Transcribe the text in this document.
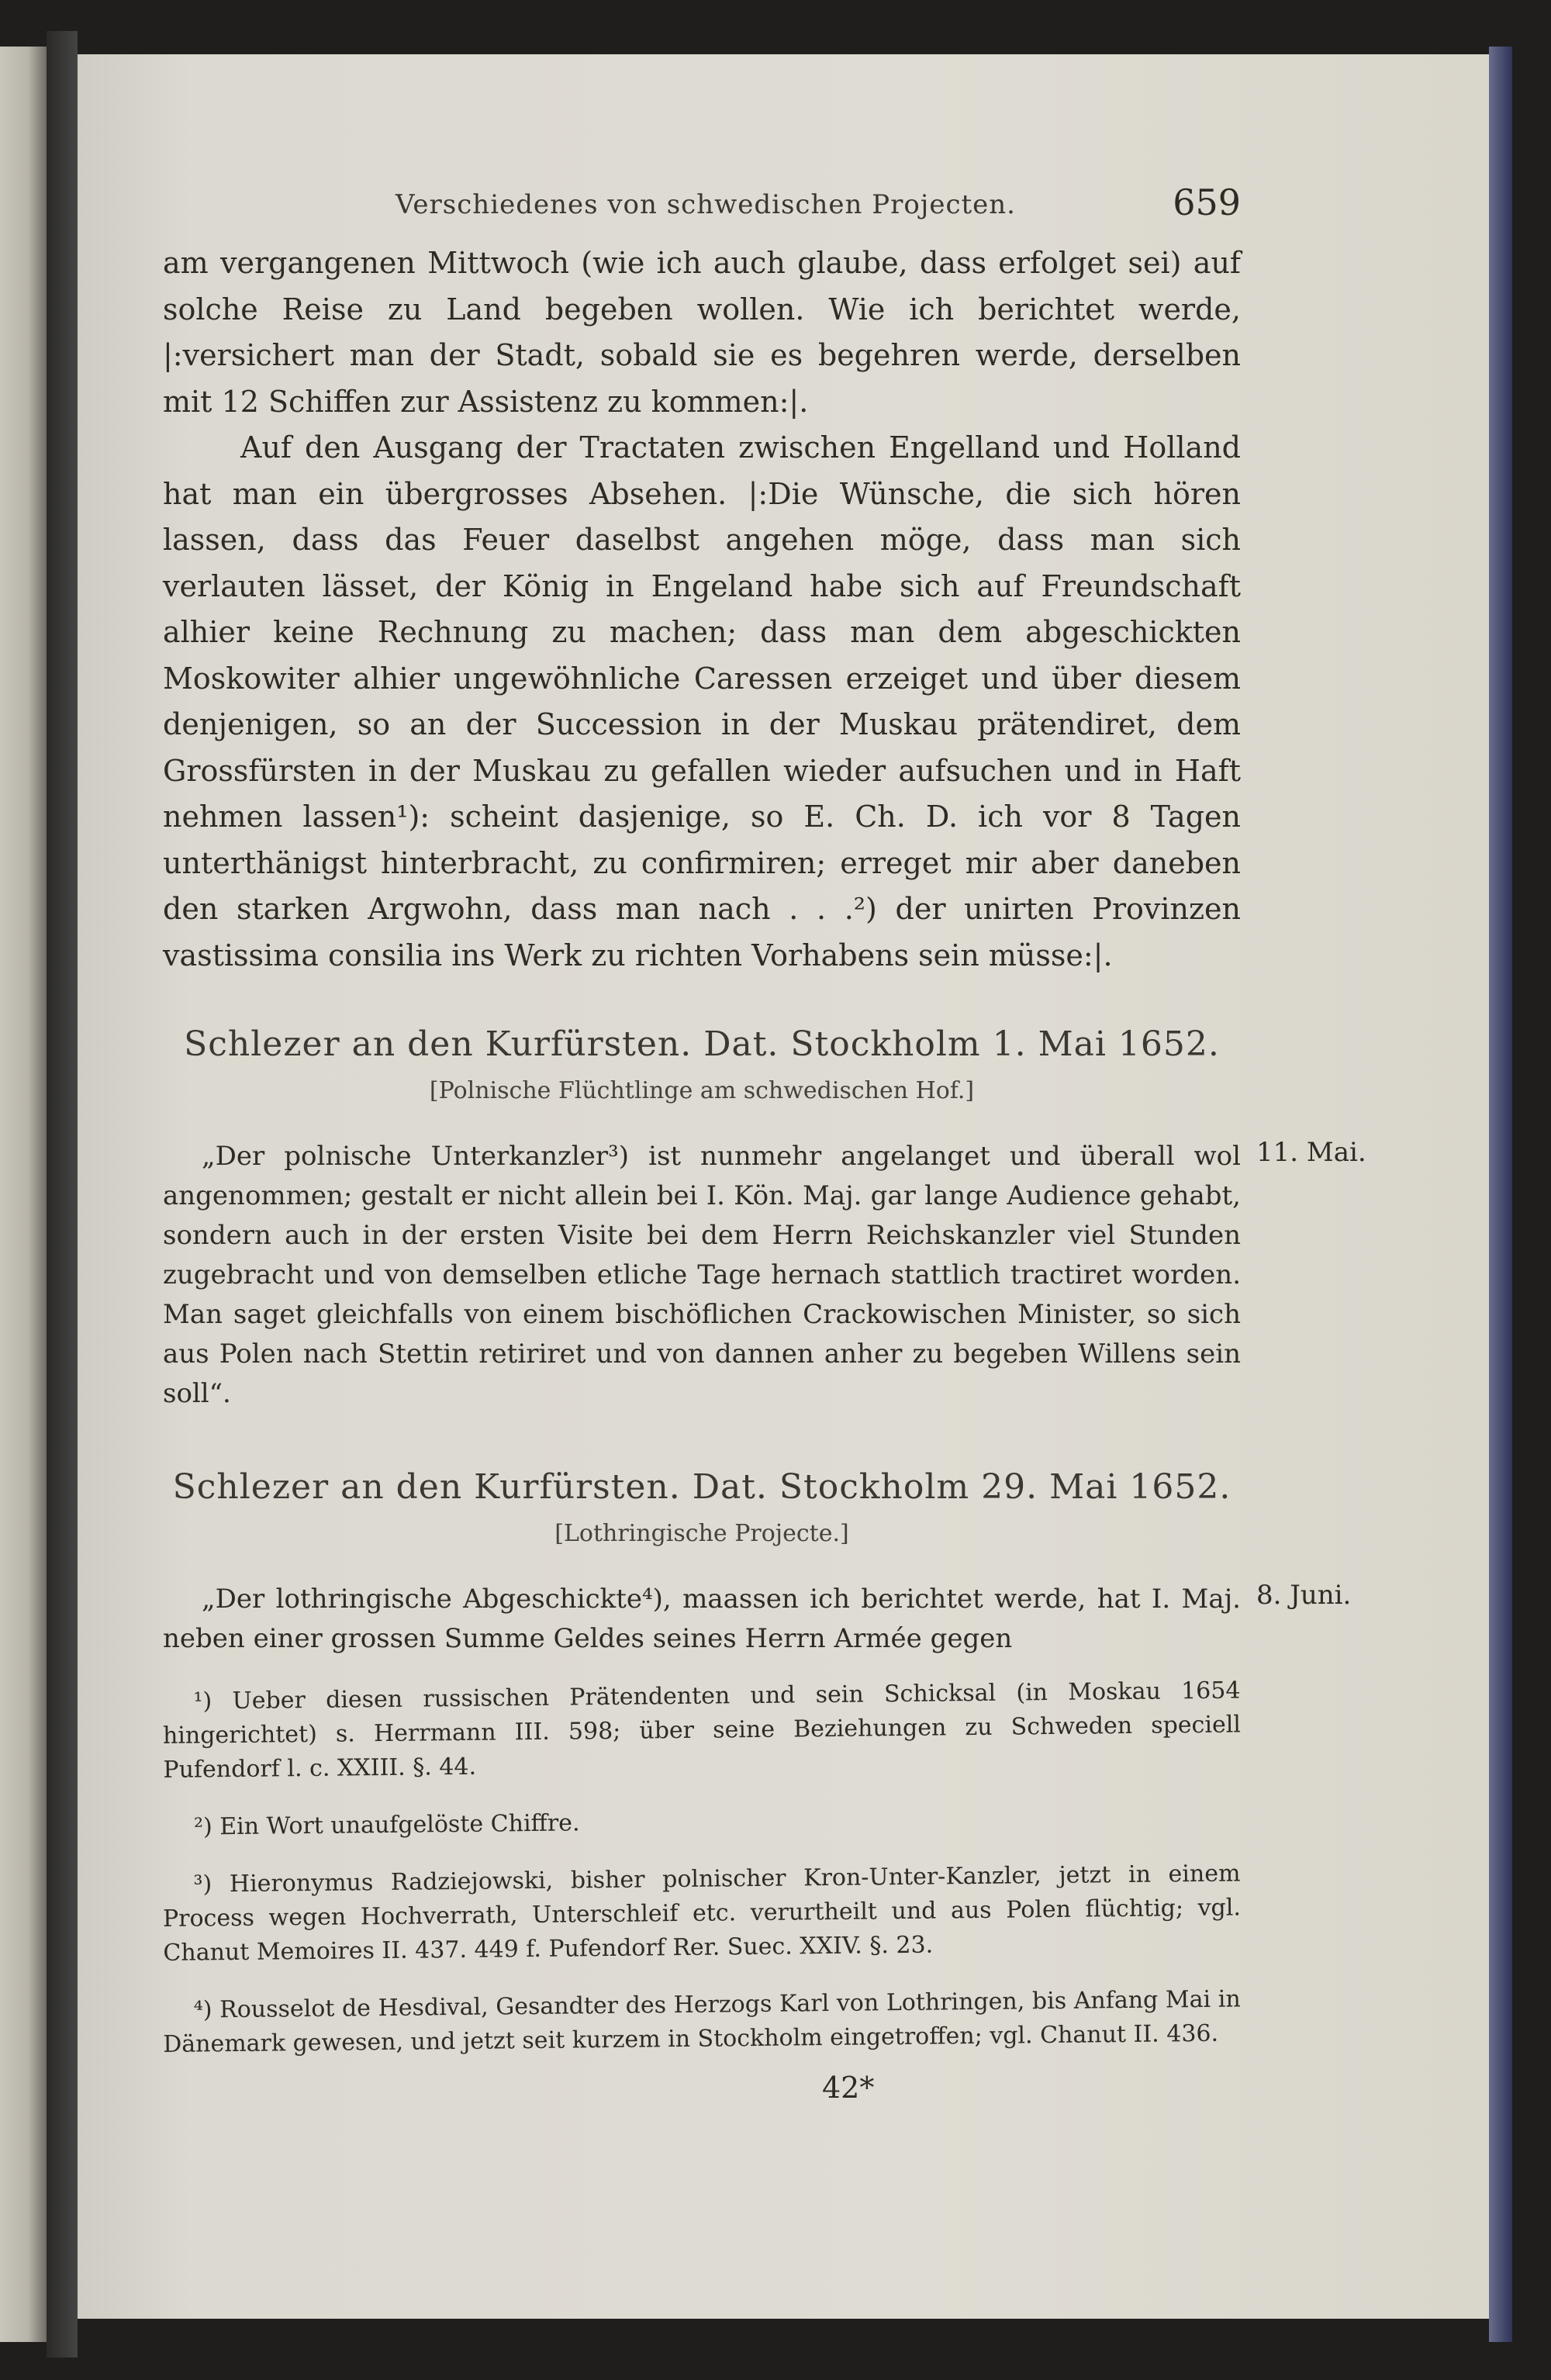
Verschiedenes von schwedischen Projecten.	659

am vergangenen Mittwoch (wie ich auch glaube, dass erfolget sei) auf solche Reise zu Land begeben wollen. Wie ich berichtet werde, |:versichert man der Stadt, sobald sie es begehren werde, derselben mit 12 Schiffen zur Assistenz zu kommen:|.

Auf den Ausgang der Tractaten zwischen Engelland und Holland hat man ein übergrosses Absehen. |:Die Wünsche, die sich hören lassen, dass das Feuer daselbst angehen möge, dass man sich verlauten lässet, der König in Engeland habe sich auf Freundschaft alhier keine Rechnung zu machen; dass man dem abgeschickten Moskowiter alhier ungewöhnliche Caressen erzeiget und über diesem denjenigen, so an der Succession in der Muskau prätendiret, dem Grossfürsten in der Muskau zu gefallen wieder aufsuchen und in Haft nehmen lassen¹): scheint dasjenige, so E. Ch. D. ich vor 8 Tagen unterthänigst hinterbracht, zu confirmiren; erreget mir aber daneben den starken Argwohn, dass man nach . . .²) der unirten Provinzen vastissima consilia ins Werk zu richten Vorhabens sein müsse:|.

Schlezer an den Kurfürsten. Dat. Stockholm 1. Mai 1652.
[Polnische Flüchtlinge am schwedischen Hof.]
11. Mai.

„Der polnische Unterkanzler³) ist nunmehr angelanget und überall wol angenommen; gestalt er nicht allein bei I. Kön. Maj. gar lange Audience gehabt, sondern auch in der ersten Visite bei dem Herrn Reichskanzler viel Stunden zugebracht und von demselben etliche Tage hernach stattlich tractiret worden. Man saget gleichfalls von einem bischöflichen Crackowischen Minister, so sich aus Polen nach Stettin retiriret und von dannen anher zu begeben Willens sein soll“.

Schlezer an den Kurfürsten. Dat. Stockholm 29. Mai 1652.
[Lothringische Projecte.]
8. Juni.

„Der lothringische Abgeschickte⁴), maassen ich berichtet werde, hat I. Maj. neben einer grossen Summe Geldes seines Herrn Armée gegen

¹) Ueber diesen russischen Prätendenten und sein Schicksal (in Moskau 1654 hingerichtet) s. Herrmann III. 598; über seine Beziehungen zu Schweden speciell Pufendorf l. c. XXIII. §. 44.

²) Ein Wort unaufgelöste Chiffre.

³) Hieronymus Radziejowski, bisher polnischer Kron-Unter-Kanzler, jetzt in einem Process wegen Hochverrath, Unterschleif etc. verurtheilt und aus Polen flüchtig; vgl. Chanut Memoires II. 437. 449 f. Pufendorf Rer. Suec. XXIV. §. 23.

⁴) Rousselot de Hesdival, Gesandter des Herzogs Karl von Lothringen, bis Anfang Mai in Dänemark gewesen, und jetzt seit kurzem in Stockholm eingetroffen; vgl. Chanut II. 436.

42*
